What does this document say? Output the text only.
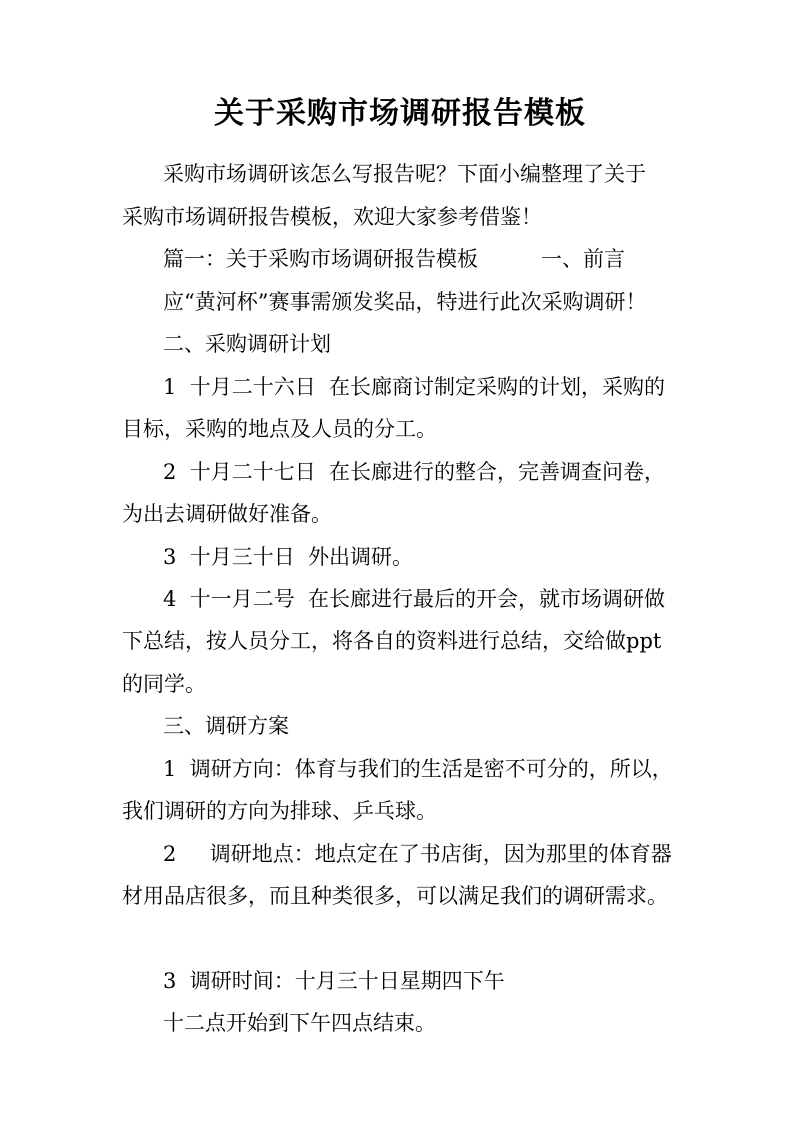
关于采购市场调研报告模板
采购市场调研该怎么写报告呢？下面小编整理了关于
采购市场调研报告模板，欢迎大家参考借鉴！
篇一：关于采购市场调研报告模板　　　一、前言
应“黄河杯”赛事需颁发奖品，特进行此次采购调研！
二、采购调研计划
1  十月二十六日  在长廊商讨制定采购的计划，采购的
目标，采购的地点及人员的分工。
2  十月二十七日  在长廊进行的整合，完善调查问卷，
为出去调研做好准备。
3  十月三十日  外出调研。
4  十一月二号  在长廊进行最后的开会，就市场调研做
下总结，按人员分工，将各自的资料进行总结，交给做ppt
的同学。
三、调研方案
1  调研方向：体育与我们的生活是密不可分的，所以，
我们调研的方向为排球、乒乓球。
2     调研地点：地点定在了书店街，因为那里的体育器
材用品店很多，而且种类很多，可以满足我们的调研需求。
3  调研时间：十月三十日星期四下午
十二点开始到下午四点结束。
